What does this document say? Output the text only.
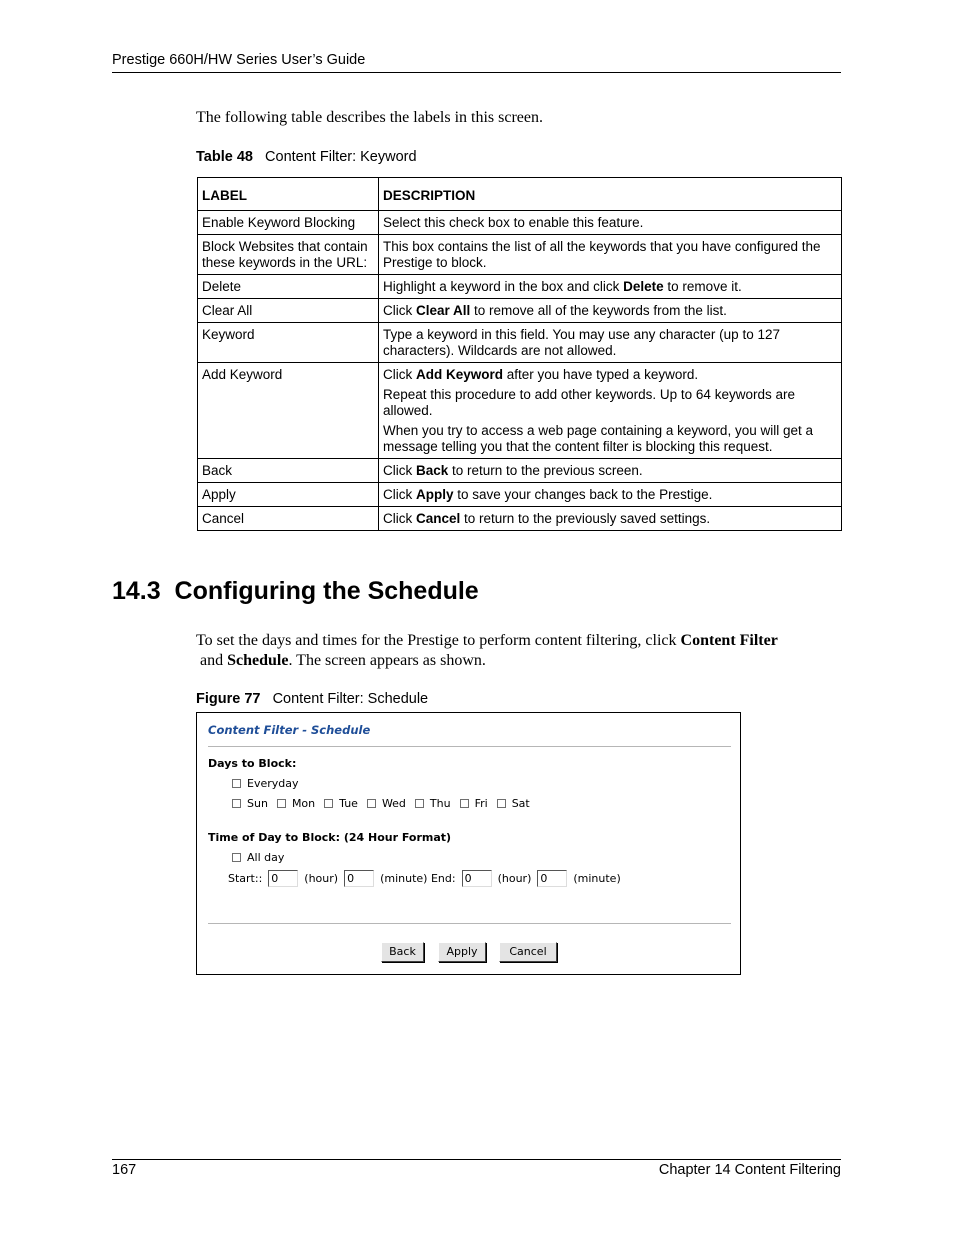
Prestige 660H/HW Series User’s Guide
The following table describes the labels in this screen.
Table 48 Content Filter: Keyword
LABEL	DESCRIPTION
Enable Keyword Blocking	Select this check box to enable this feature.
Block Websites that contain these keywords in the URL:	This box contains the list of all the keywords that you have configured the Prestige to block.
Delete	Highlight a keyword in the box and click Delete to remove it.
Clear All	Click Clear All to remove all of the keywords from the list.
Keyword	Type a keyword in this field. You may use any character (up to 127 characters). Wildcards are not allowed.
Add Keyword	Click Add Keyword after you have typed a keyword.

Repeat this procedure to add other keywords. Up to 64 keywords are allowed.

When you try to access a web page containing a keyword, you will get a message telling you that the content filter is blocking this request.

Back	Click Back to return to the previous screen.
Apply	Click Apply to save your changes back to the Prestige.
Cancel	Click Cancel to return to the previously saved settings.
14.3  Configuring the Schedule
To set the days and times for the Prestige to perform content filtering, click Content Filter
and Schedule. The screen appears as shown.
Figure 77 Content Filter: Schedule
Content Filter - Schedule
Days to Block:
Everyday
Sun Mon Tue Wed Thu Fri Sat
Time of Day to Block: (24 Hour Format)
All day
Start:: 0	(hour) 0	(minute) End: 0	(hour) 0	(minute)
Back	Apply	Cancel
167	Chapter 14 Content Filtering
